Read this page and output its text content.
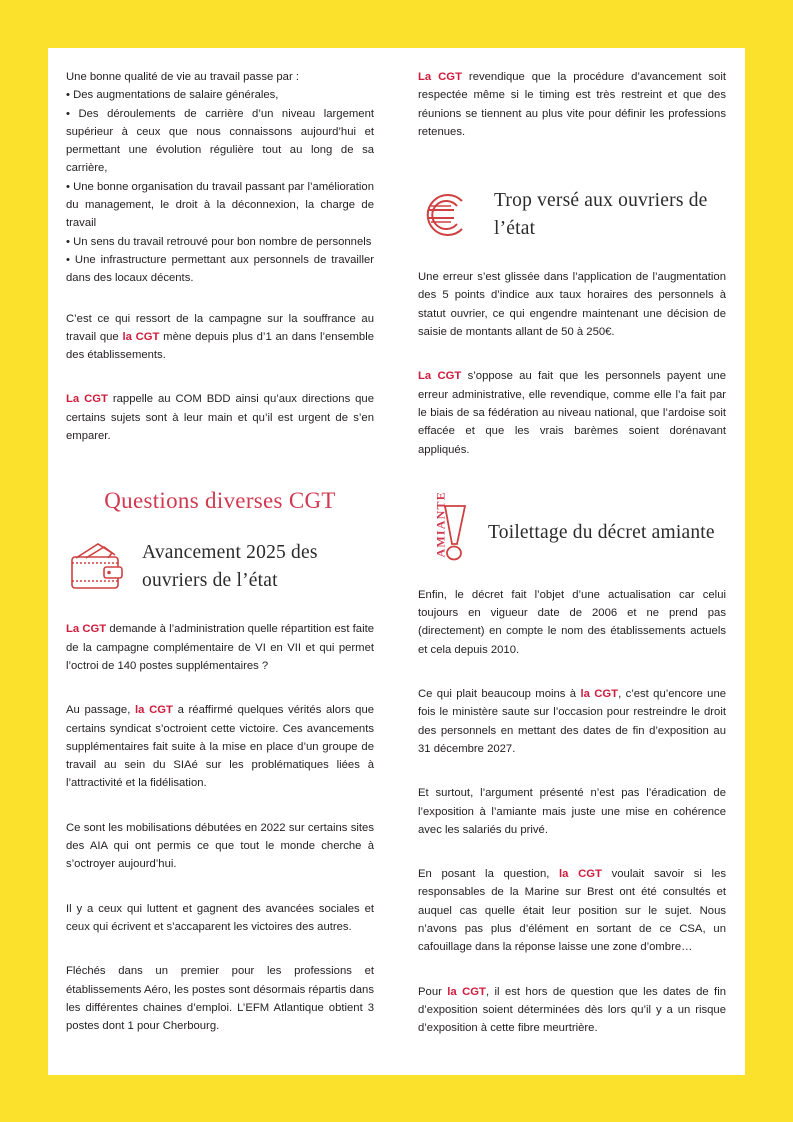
Une bonne qualité de vie au travail passe par :

• Des augmentations de salaire générales,

• Des déroulements de carrière d’un niveau largement supérieur à ceux que nous connaissons aujourd’hui et permettant une évolution régulière tout au long de sa carrière,

• Une bonne organisation du travail passant par l’amélioration du management, le droit à la déconnexion, la charge de travail

• Un sens du travail retrouvé pour bon nombre de personnels

• Une infrastructure permettant aux personnels de travailler dans des locaux décents.

C’est ce qui ressort de la campagne sur la souffrance au travail que la CGT mène depuis plus d’1 an dans l’ensemble des établissements.

La CGT rappelle au COM BDD ainsi qu’aux directions que certains sujets sont à leur main et qu’il est urgent de s’en emparer.

Questions diverses CGT
Avancement 2025 des ouvriers de l’état

La CGT demande à l’administration quelle répartition est faite de la campagne complémentaire de VI en VII et qui permet l’octroi de 140 postes supplémentaires ?

Au passage, la CGT a réaffirmé quelques vérités alors que certains syndicat s’octroient cette victoire. Ces avancements supplémentaires fait suite à la mise en place d’un groupe de travail au sein du SIAé sur les problématiques liées à l’attractivité et la fidélisation.

Ce sont les mobilisations débutées en 2022 sur certains sites des AIA qui ont permis ce que tout le monde cherche à s’octroyer aujourd’hui.

Il y a ceux qui luttent et gagnent des avancées sociales et ceux qui écrivent et s’accaparent les victoires des autres.

Fléchés dans un premier pour les professions et établissements Aéro, les postes sont désormais répartis dans les différentes chaines d’emploi. L’EFM Atlantique obtient 3 postes dont 1 pour Cherbourg.

La CGT revendique que la procédure d’avancement soit respectée même si le timing est très restreint et que des réunions se tiennent au plus vite pour définir les professions retenues.

Trop versé aux ouvriers de l’état

Une erreur s’est glissée dans l’application de l’augmentation des 5 points d’indice aux taux horaires des personnels à statut ouvrier, ce qui engendre maintenant une décision de saisie de montants allant de 50 à 250€.

La CGT s’oppose au fait que les personnels payent une erreur administrative, elle revendique, comme elle l’a fait par le biais de sa fédération au niveau national, que l’ardoise soit effacée et que les vrais barèmes soient dorénavant appliqués.

AMIANTE Toilettage du décret amiante

Enfin, le décret fait l’objet d’une actualisation car celui toujours en vigueur date de 2006 et ne prend pas (directement) en compte le nom des établissements actuels et cela depuis 2010.

Ce qui plait beaucoup moins à la CGT, c’est qu’encore une fois le ministère saute sur l’occasion pour restreindre le droit des personnels en mettant des dates de fin d’exposition au 31 décembre 2027.

Et surtout, l’argument présenté n’est pas l’éradication de l’exposition à l’amiante mais juste une mise en cohérence avec les salariés du privé.

En posant la question, la CGT voulait savoir si les responsables de la Marine sur Brest ont été consultés et auquel cas quelle était leur position sur le sujet. Nous n’avons pas plus d’élément en sortant de ce CSA, un cafouillage dans la réponse laisse une zone d’ombre…

Pour la CGT, il est hors de question que les dates de fin d’exposition soient déterminées dès lors qu’il y a un risque d’exposition à cette fibre meurtrière.
